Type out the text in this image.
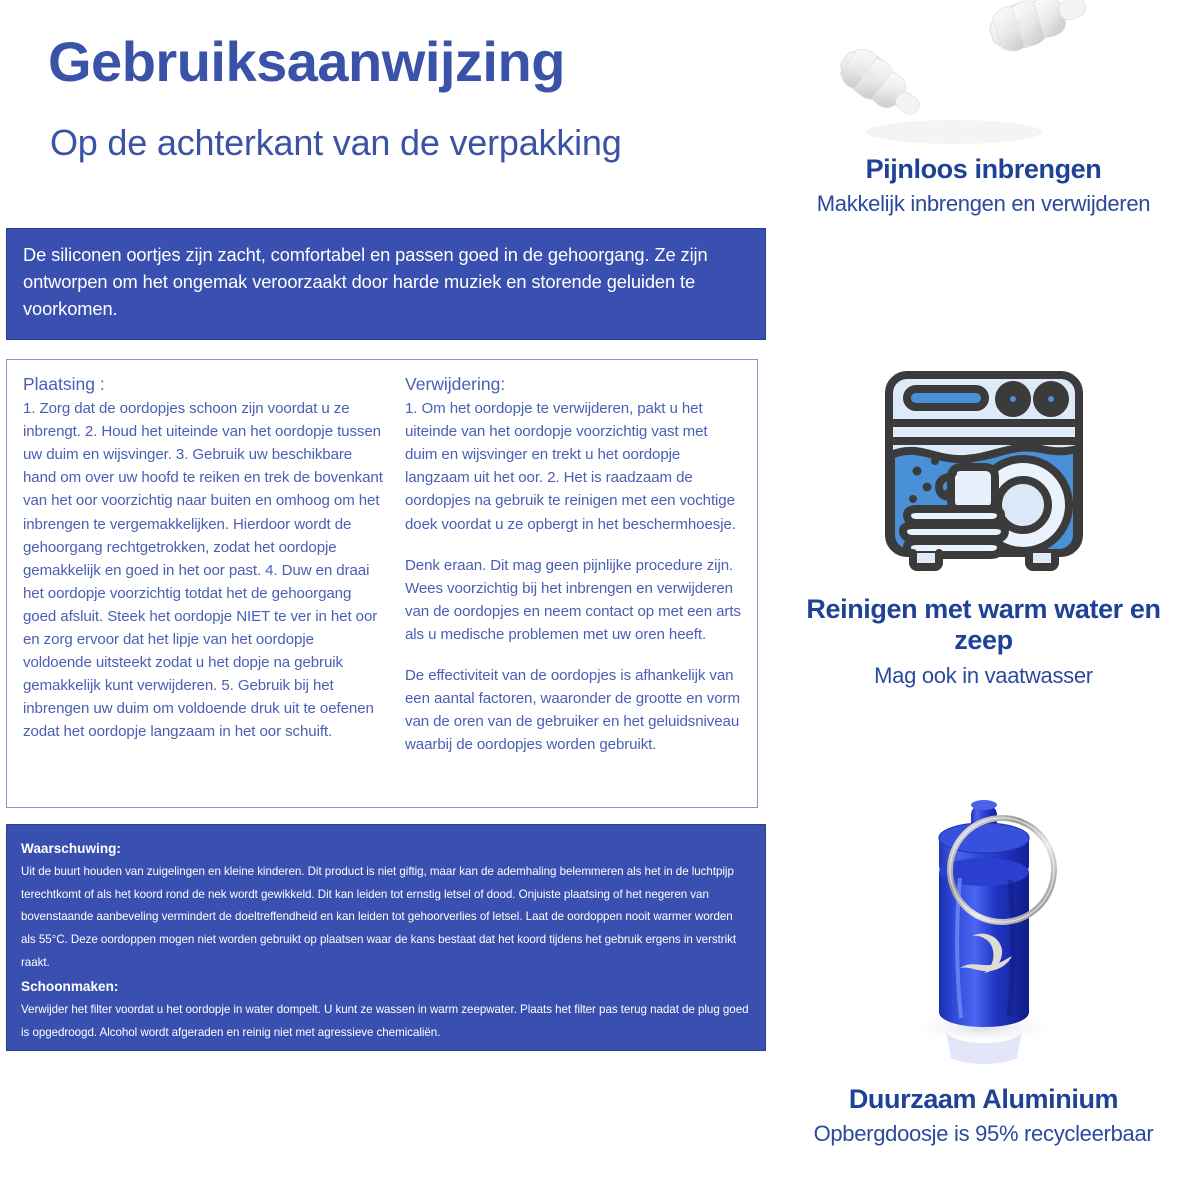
Gebruiksaanwijzing
Op de achterkant van de verpakking

De siliconen oortjes zijn zacht, comfortabel en passen goed in de gehoorgang. Ze zijn ontworpen om het ongemak veroorzaakt door harde muziek en storende geluiden te voorkomen.

Plaatsing :
1. Zorg dat de oordopjes schoon zijn voordat u ze inbrengt. 2. Houd het uiteinde van het oordopje tussen uw duim en wijsvinger. 3. Gebruik uw beschikbare hand om over uw hoofd te reiken en trek de bovenkant van het oor voorzichtig naar buiten en omhoog om het inbrengen te vergemakkelijken. Hierdoor wordt de gehoorgang rechtgetrokken, zodat het oordopje gemakkelijk en goed in het oor past. 4. Duw en draai het oordopje voorzichtig totdat het de gehoorgang goed afsluit. Steek het oordopje NIET te ver in het oor en zorg ervoor dat het lipje van het oordopje voldoende uitsteekt zodat u het dopje na gebruik gemakkelijk kunt verwijderen. 5. Gebruik bij het inbrengen uw duim om voldoende druk uit te oefenen zodat het oordopje langzaam in het oor schuift.
Verwijdering:
1. Om het oordopje te verwijderen, pakt u het uiteinde van het oordopje voorzichtig vast met duim en wijsvinger en trekt u het oordopje langzaam uit het oor. 2. Het is raadzaam de oordopjes na gebruik te reinigen met een vochtige doek voordat u ze opbergt in het beschermhoesje.
Denk eraan. Dit mag geen pijnlijke procedure zijn. Wees voorzichtig bij het inbrengen en verwijderen van de oordopjes en neem contact op met een arts als u medische problemen met uw oren heeft.
De effectiviteit van de oordopjes is afhankelijk van een aantal factoren, waaronder de grootte en vorm van de oren van de gebruiker en het geluidsniveau waarbij de oordopjes worden gebruikt.
Waarschuwing:
Uit de buurt houden van zuigelingen en kleine kinderen. Dit product is niet giftig, maar kan de ademhaling belemmeren als het in de luchtpijp terechtkomt of als het koord rond de nek wordt gewikkeld. Dit kan leiden tot ernstig letsel of dood. Onjuiste plaatsing of het negeren van bovenstaande aanbeveling vermindert de doeltreffendheid en kan leiden tot gehoorverlies of letsel. Laat de oordoppen nooit warmer worden als 55°C. Deze oordoppen mogen niet worden gebruikt op plaatsen waar de kans bestaat dat het koord tijdens het gebruik ergens in verstrikt raakt.
Schoonmaken:
Verwijder het filter voordat u het oordopje in water dompelt. U kunt ze wassen in warm zeepwater. Plaats het filter pas terug nadat de plug goed is opgedroogd. Alcohol wordt afgeraden en reinig niet met agressieve chemicaliën.
Pijnloos inbrengen

Makkelijk inbrengen en verwijderen

Reinigen met warm water en zeep

Mag ook in vaatwasser

Duurzaam Aluminium

Opbergdoosje is 95% recycleerbaar
